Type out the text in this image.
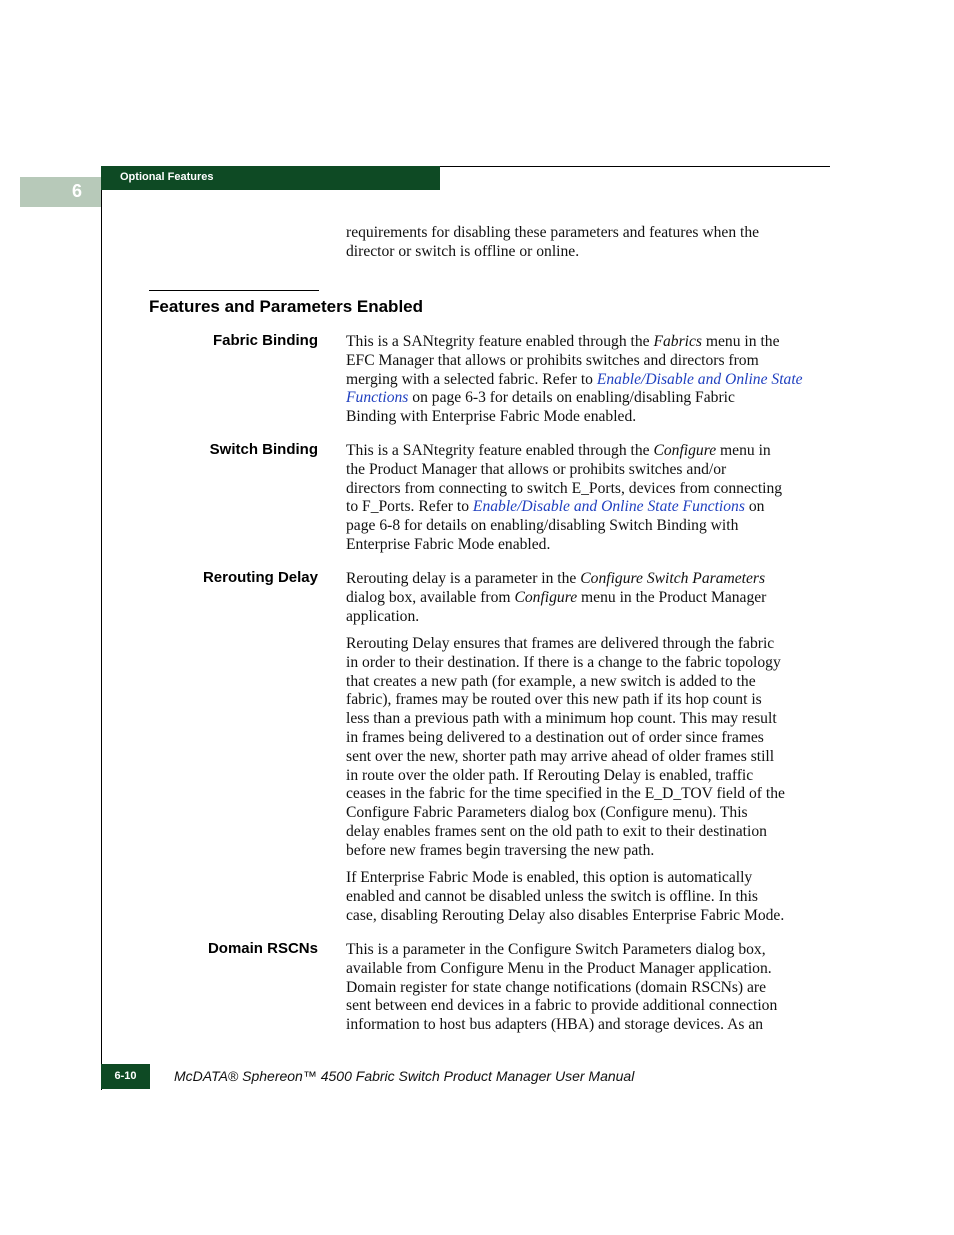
6
Optional Features
requirements for disabling these parameters and features when the
director or switch is offline or online.
Features and Parameters Enabled
Fabric Binding This is a SANtegrity feature enabled through the Fabrics menu in the
EFC Manager that allows or prohibits switches and directors from
merging with a selected fabric. Refer to Enable/Disable and Online State
Functions on page 6-3 for details on enabling/disabling Fabric
Binding with Enterprise Fabric Mode enabled.
Switch Binding This is a SANtegrity feature enabled through the Configure menu in
the Product Manager that allows or prohibits switches and/or
directors from connecting to switch E_Ports, devices from connecting
to F_Ports. Refer to Enable/Disable and Online State Functions on
page 6-8 for details on enabling/disabling Switch Binding with
Enterprise Fabric Mode enabled.
Rerouting Delay Rerouting delay is a parameter in the Configure Switch Parameters
dialog box, available from Configure menu in the Product Manager
application.
Rerouting Delay ensures that frames are delivered through the fabric
in order to their destination. If there is a change to the fabric topology
that creates a new path (for example, a new switch is added to the
fabric), frames may be routed over this new path if its hop count is
less than a previous path with a minimum hop count. This may result
in frames being delivered to a destination out of order since frames
sent over the new, shorter path may arrive ahead of older frames still
in route over the older path. If Rerouting Delay is enabled, traffic
ceases in the fabric for the time specified in the E_D_TOV field of the
Configure Fabric Parameters dialog box (Configure menu). This
delay enables frames sent on the old path to exit to their destination
before new frames begin traversing the new path.
If Enterprise Fabric Mode is enabled, this option is automatically
enabled and cannot be disabled unless the switch is offline. In this
case, disabling Rerouting Delay also disables Enterprise Fabric Mode.
Domain RSCNs This is a parameter in the Configure Switch Parameters dialog box,
available from Configure Menu in the Product Manager application.
Domain register for state change notifications (domain RSCNs) are
sent between end devices in a fabric to provide additional connection
information to host bus adapters (HBA) and storage devices. As an
6-10	McDATA® Sphereon™ 4500 Fabric Switch Product Manager User Manual
